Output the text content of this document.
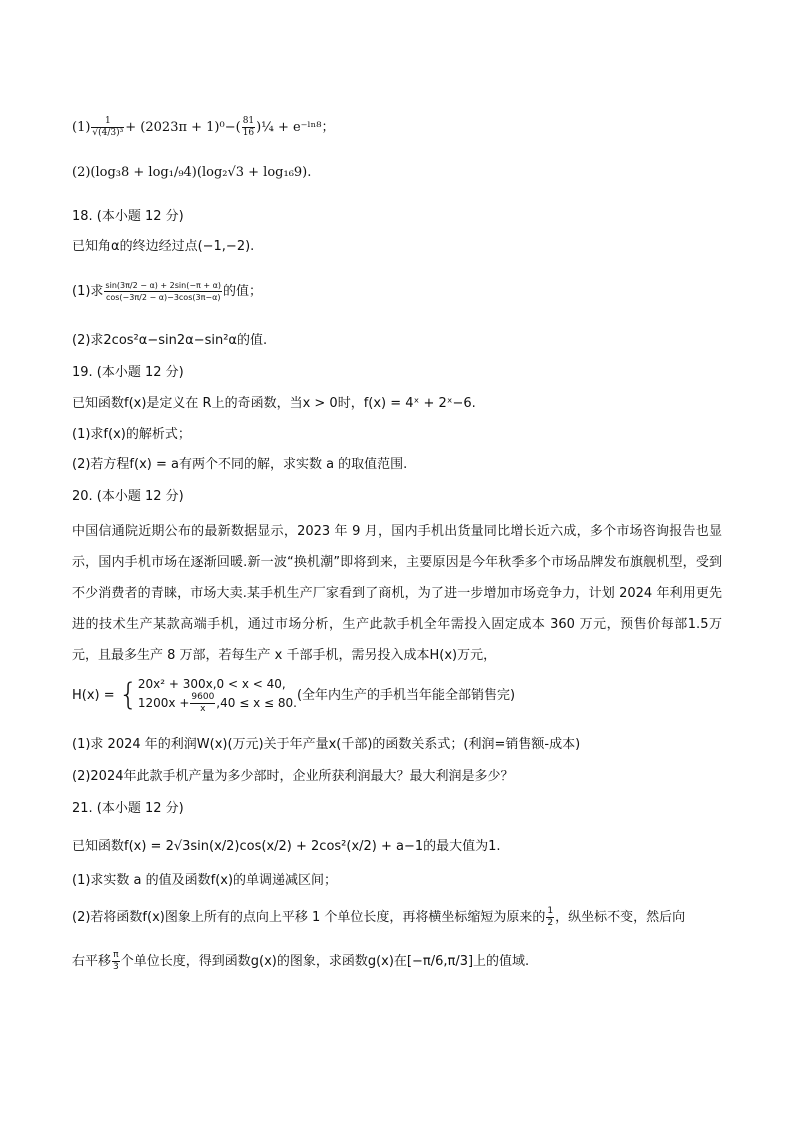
$(1) \frac{1}{\text{√(4/3)³}} + (2023\pi + 1)^0-( \frac{81}{16}$ )¼ + e⁻ˡⁿ⁸；
(2)(log₃8 + log₁/₉4)(log₂√3 + log₁₆9).
18. (本小题 12 分)
已知角α的终边经过点(−1,−2).
(1)求 $\frac{\sin(3\pi/2 - \alpha) + 2\sin(-\pi + \alpha)}{\cos(-3\pi/2 - \alpha)-3\cos(3\pi-\alpha)}$ 的值；
(2)求2cos²α−sin2α−sin²α的值.
19. (本小题 12 分)
已知函数f(x)是定义在 R上的奇函数，当x > 0时，f(x) = 4ˣ + 2ˣ−6.
(1)求f(x)的解析式；
(2)若方程f(x) = a有两个不同的解，求实数 a 的取值范围.
20. (本小题 12 分)
中国信通院近期公布的最新数据显示，2023 年 9 月，国内手机出货量同比增长近六成，多个市场咨询报告也显示，国内手机市场在逐渐回暖.新一波“换机潮”即将到来，主要原因是今年秋季多个市场品牌发布旗舰机型，受到不少消费者的青睐，市场大卖.某手机生产厂家看到了商机，为了进一步增加市场竞争力，计划 2024 年利用更先进的技术生产某款高端手机，通过市场分析，生产此款手机全年需投入固定成本 360 万元，预售价每部1.5万元，且最多生产 8 万部，若每生产 x 千部手机，需另投入成本H(x)万元，
H(x) = { 20x² + 300x,0 < x < 40,
$1200x + \frac{9600}{x} ,40 \le x \le 80$. (全年内生产的手机当年能全部销售完)
(1)求 2024 年的利润W(x)(万元)关于年产量x(千部)的函数关系式；(利润=销售额-成本)
(2)2024年此款手机产量为多少部时，企业所获利润最大？最大利润是多少？
21. (本小题 12 分)
已知函数f(x) = 2√3sin(x/2)cos(x/2) + 2cos²(x/2) + a−1的最大值为1.
(1)求实数 a 的值及函数f(x)的单调递减区间；
(2)若将函数f(x)图象上所有的点向上平移 1 个单位长度，再将横坐标缩短为原来的 $\frac{1}{2}$ ，纵坐标不变，然后向
右平移 $\frac{\pi}{3}$ 个单位长度，得到函数g(x)的图象，求函数g(x)在[−π/6,π/3]上的值域.
